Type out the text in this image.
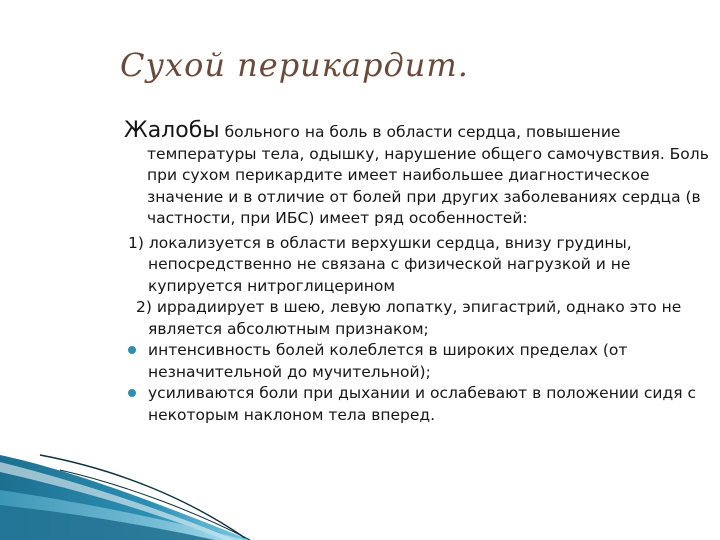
Сухой перикардит.

Жалобы больного на боль в области сердца, повышение температуры тела, одышку, нарушение общего самочувствия. Боль при сухом перикардите имеет наибольшее диагностическое значение и в отличие от болей при других заболеваниях сердца (в частности, при ИБС) имеет ряд особенностей:

1) локализуется в области верхушки сердца, внизу грудины, непосредственно не связана с физической нагрузкой и не купируется нитроглицерином

2) иррадиирует в шею, левую лопатку, эпигастрий, однако это не является абсолютным признаком;

интенсивность болей колеблется в широких пределах (от незначительной до мучительной);

усиливаются боли при дыхании и ослабевают в положении сидя с некоторым наклоном тела вперед.
